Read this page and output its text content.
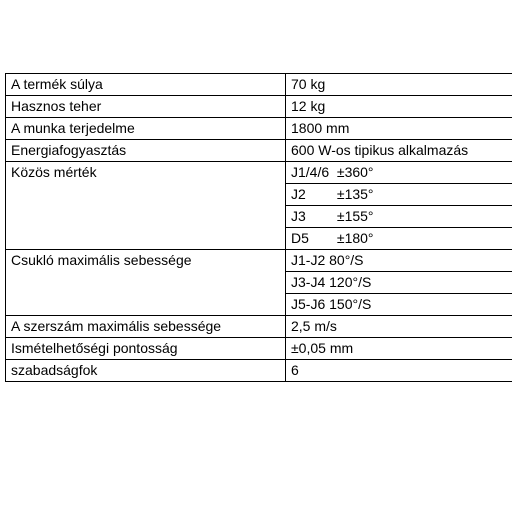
A termék súlya	70 kg
Hasznos teher	12 kg
A munka terjedelme	1800 mm
Energiafogyasztás	600 W-os tipikus alkalmazás
Közös mérték	J1/4/6 ±360°
	J2 ±135°
	J3 ±155°
	D5 ±180°
Csukló maximális sebessége	J1-J2 80°/S
	J3-J4 120°/S
	J5-J6 150°/S
A szerszám maximális sebessége	2,5 m/s
Ismételhetőségi pontosság	±0,05 mm
szabadságfok	6
